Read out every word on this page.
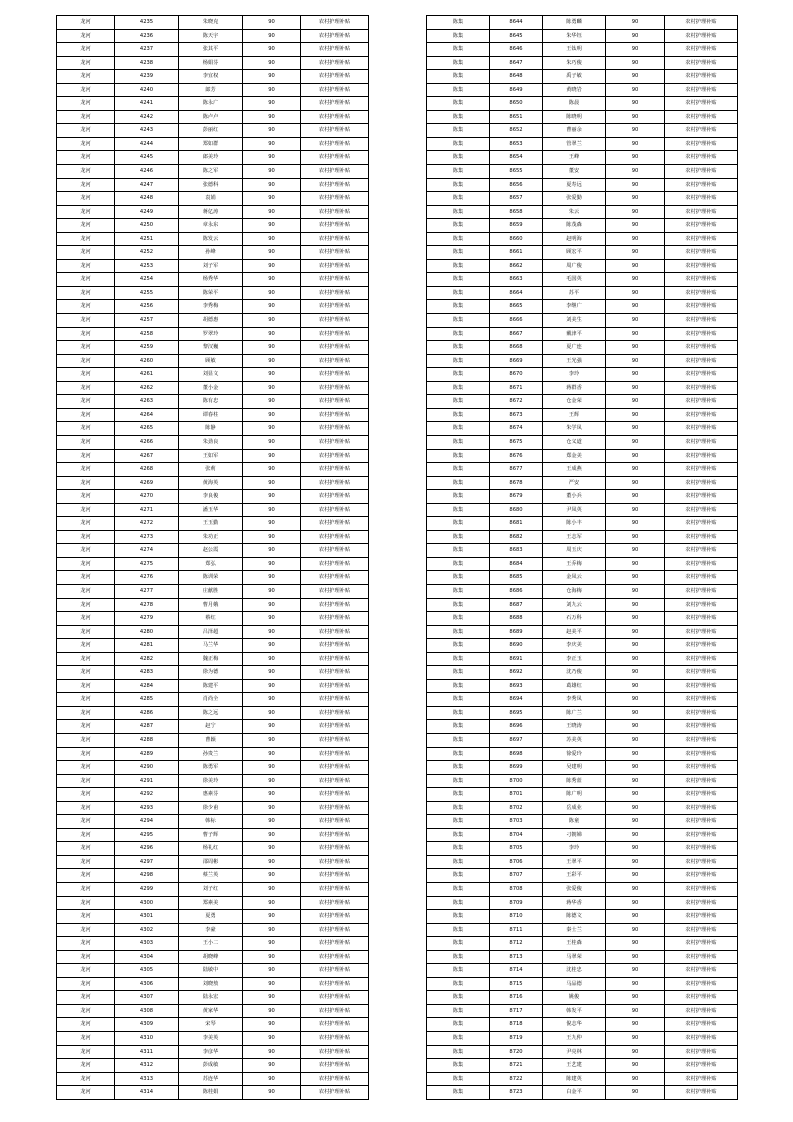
龙河	4235	朱晓克	90	农村护理补贴
龙河	4236	陈天宇	90	农村护理补贴
龙河	4237	张其平	90	农村护理补贴
龙河	4238	杨娟芬	90	农村护理补贴
龙河	4239	李宜权	90	农村护理补贴
龙河	4240	郎芳	90	农村护理补贴
龙河	4241	陈永广	90	农村护理补贴
龙河	4242	陈卢卢	90	农村护理补贴
龙河	4243	彭丽红	90	农村护理补贴
龙河	4244	郑如群	90	农村护理补贴
龙河	4245	郎美玲	90	农村护理补贴
龙河	4246	陈之军	90	农村护理补贴
龙河	4247	张德科	90	农村护理补贴
龙河	4248	袁娟	90	农村护理补贴
龙河	4249	蒋亿涛	90	农村护理补贴
龙河	4250	章永东	90	农村护理补贴
龙河	4251	陈发云	90	农村护理补贴
龙河	4252	孙峰	90	农村护理补贴
龙河	4253	刘子军	90	农村护理补贴
龙河	4254	杨秀华	90	农村护理补贴
龙河	4255	陈荣平	90	农村护理补贴
龙河	4256	李秀梅	90	农村护理补贴
龙河	4257	胡德惠	90	农村护理补贴
龙河	4258	罗翠玲	90	农村护理补贴
龙河	4259	黎汉巍	90	农村护理补贴
龙河	4260	顾敏	90	农村护理补贴
龙河	4261	刘显文	90	农村护理补贴
龙河	4262	董小金	90	农村护理补贴
龙河	4263	陈有忠	90	农村护理补贴
龙河	4264	谭春柱	90	农村护理补贴
龙河	4265	陈静	90	农村护理补贴
龙河	4266	朱劲良	90	农村护理补贴
龙河	4267	王如军	90	农村护理补贴
龙河	4268	张莉	90	农村护理补贴
龙河	4269	黄海英	90	农村护理补贴
龙河	4270	李良俊	90	农村护理补贴
龙河	4271	潘玉华	90	农村护理补贴
龙河	4272	王玉勤	90	农村护理补贴
龙河	4273	朱功正	90	农村护理补贴
龙河	4274	赵公霞	90	农村护理补贴
龙河	4275	郑弘	90	农村护理补贴
龙河	4276	陈训荣	90	农村护理补贴
龙河	4277	庄献胜	90	农村护理补贴
龙河	4278	曹月娥	90	农村护理补贴
龙河	4279	蔡红	90	农村护理补贴
龙河	4280	吕泽超	90	农村护理补贴
龙河	4281	马兰华	90	农村护理补贴
龙河	4282	魏正梅	90	农村护理补贴
龙河	4283	徐为德	90	农村护理补贴
龙河	4284	陈建平	90	农村护理补贴
龙河	4285	肖尚全	90	农村护理补贴
龙河	4286	陈之远	90	农村护理补贴
龙河	4287	赵宁	90	农村护理补贴
龙河	4288	曹颖	90	农村护理补贴
龙河	4289	孙贵兰	90	农村护理补贴
龙河	4290	陈勇军	90	农村护理补贴
龙河	4291	徐美玲	90	农村护理补贴
龙河	4292	惠素芬	90	农村护理补贴
龙河	4293	徐少甫	90	农村护理补贴
龙河	4294	韩标	90	农村护理补贴
龙河	4295	曹子辉	90	农村护理补贴
龙河	4296	杨礼红	90	农村护理补贴
龙河	4297	邵周彬	90	农村护理补贴
龙河	4298	蔡兰英	90	农村护理补贴
龙河	4299	刘子红	90	农村护理补贴
龙河	4300	郑素美	90	农村护理补贴
龙河	4301	夏勇	90	农村护理补贴
龙河	4302	李豪	90	农村护理补贴
龙河	4303	王小二	90	农村护理补贴
龙河	4304	胡晓峰	90	农村护理补贴
龙河	4305	陆敏中	90	农村护理补贴
龙河	4306	刘晓敖	90	农村护理补贴
龙河	4307	陆永宏	90	农村护理补贴
龙河	4308	黄家华	90	农村护理补贴
龙河	4309	宋琴	90	农村护理补贴
龙河	4310	李美英	90	农村护理补贴
龙河	4311	李彦华	90	农村护理补贴
龙河	4312	彭成敏	90	农村护理补贴
龙河	4313	苏连华	90	农村护理补贴
龙河	4314	陈桂娟	90	农村护理补贴
陈集	8644	陈勇麟	90	农村护理补贴
陈集	8645	朱华钰	90	农村护理补贴
陈集	8646	王钛明	90	农村护理补贴
陈集	8647	朱巧俊	90	农村护理补贴
陈集	8648	禹子敏	90	农村护理补贴
陈集	8649	黄晓岩	90	农村护理补贴
陈集	8650	陈晨	90	农村护理补贴
陈集	8651	陈晓明	90	农村护理补贴
陈集	8652	曹丽余	90	农村护理补贴
陈集	8653	管翠兰	90	农村护理补贴
陈集	8654	王峰	90	农村护理补贴
陈集	8655	董安	90	农村护理补贴
陈集	8656	夏寿远	90	农村护理补贴
陈集	8657	张爱勤	90	农村护理补贴
陈集	8658	朱云	90	农村护理补贴
陈集	8659	陈茂森	90	农村护理补贴
陈集	8660	赵明海	90	农村护理补贴
陈集	8661	顾宏平	90	农村护理补贴
陈集	8662	周广俊	90	农村护理补贴
陈集	8663	毛国英	90	农村护理补贴
陈集	8664	苏平	90	农村护理补贴
陈集	8665	李继广	90	农村护理补贴
陈集	8666	刘美生	90	农村护理补贴
陈集	8667	戴津平	90	农村护理补贴
陈集	8668	夏广连	90	农村护理补贴
陈集	8669	王光强	90	农村护理补贴
陈集	8670	李玲	90	农村护理补贴
陈集	8671	蒋群香	90	农村护理补贴
陈集	8672	仓金荣	90	农村护理补贴
陈集	8673	王辉	90	农村护理补贴
陈集	8674	朱学凤	90	农村护理补贴
陈集	8675	仓义道	90	农村护理补贴
陈集	8676	郑金美	90	农村护理补贴
陈集	8677	王成燕	90	农村护理补贴
陈集	8678	严安	90	农村护理补贴
陈集	8679	董小兵	90	农村护理补贴
陈集	8680	尹凤英	90	农村护理补贴
陈集	8681	陈小丰	90	农村护理补贴
陈集	8682	王志军	90	农村护理补贴
陈集	8683	周玉庆	90	农村护理补贴
陈集	8684	王乔梅	90	农村护理补贴
陈集	8685	金凤云	90	农村护理补贴
陈集	8686	仓海梅	90	农村护理补贴
陈集	8687	刘九云	90	农村护理补贴
陈集	8688	石万科	90	农村护理补贴
陈集	8689	赵美平	90	农村护理补贴
陈集	8690	李庆美	90	农村护理补贴
陈集	8691	李正玉	90	农村护理补贴
陈集	8692	沈乃俊	90	农村护理补贴
陈集	8693	葛雄红	90	农村护理补贴
陈集	8694	李秀凤	90	农村护理补贴
陈集	8695	陈广兰	90	农村护理补贴
陈集	8696	王晓涛	90	农村护理补贴
陈集	8697	苏美英	90	农村护理补贴
陈集	8698	徐爱玲	90	农村护理补贴
陈集	8699	吴建明	90	农村护理补贴
陈集	8700	陈秀蓝	90	农村护理补贴
陈集	8701	陈广明	90	农村护理补贴
陈集	8702	岳成业	90	农村护理补贴
陈集	8703	陈童	90	农村护理补贴
陈集	8704	刁朝娣	90	农村护理补贴
陈集	8705	李玲	90	农村护理补贴
陈集	8706	王翠平	90	农村护理补贴
陈集	8707	王彩平	90	农村护理补贴
陈集	8708	张爱俊	90	农村护理补贴
陈集	8709	蒋华香	90	农村护理补贴
陈集	8710	陈德文	90	农村护理补贴
陈集	8711	秦士兰	90	农村护理补贴
陈集	8712	王桂森	90	农村护理补贴
陈集	8713	马翠荣	90	农村护理补贴
陈集	8714	沈桂忠	90	农村护理补贴
陈集	8715	马品德	90	农村护理补贴
陈集	8716	姚俊	90	农村护理补贴
陈集	8717	韩发平	90	农村护理补贴
陈集	8718	倪志华	90	农村护理补贴
陈集	8719	王九仲	90	农村护理补贴
陈集	8720	尹亮林	90	农村护理补贴
陈集	8721	王艺建	90	农村护理补贴
陈集	8722	陈建英	90	农村护理补贴
陈集	8723	白金平	90	农村护理补贴
